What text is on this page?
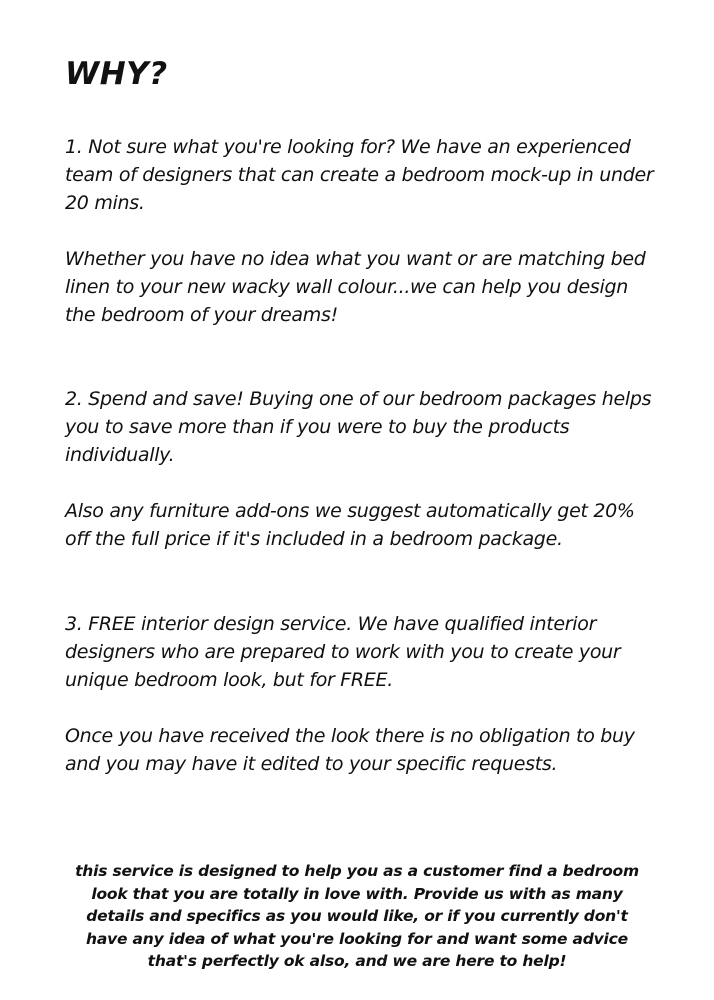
WHY?

1. Not sure what you're looking for? We have an experienced team of designers that can create a bedroom mock-up in under 20 mins.

Whether you have no idea what you want or are matching bed linen to your new wacky wall colour...we can help you design the bedroom of your dreams!

2. Spend and save! Buying one of our bedroom packages helps you to save more than if you were to buy the products individually.

Also any furniture add-ons we suggest automatically get 20% off the full price if it's included in a bedroom package.

3. FREE interior design service. We have qualified interior designers who are prepared to work with you to create your unique bedroom look, but for FREE.

Once you have received the look there is no obligation to buy and you may have it edited to your specific requests.

this service is designed to help you as a customer find a bedroom look that you are totally in love with. Provide us with as many details and specifics as you would like, or if you currently don't have any idea of what you're looking for and want some advice that's perfectly ok also, and we are here to help!
